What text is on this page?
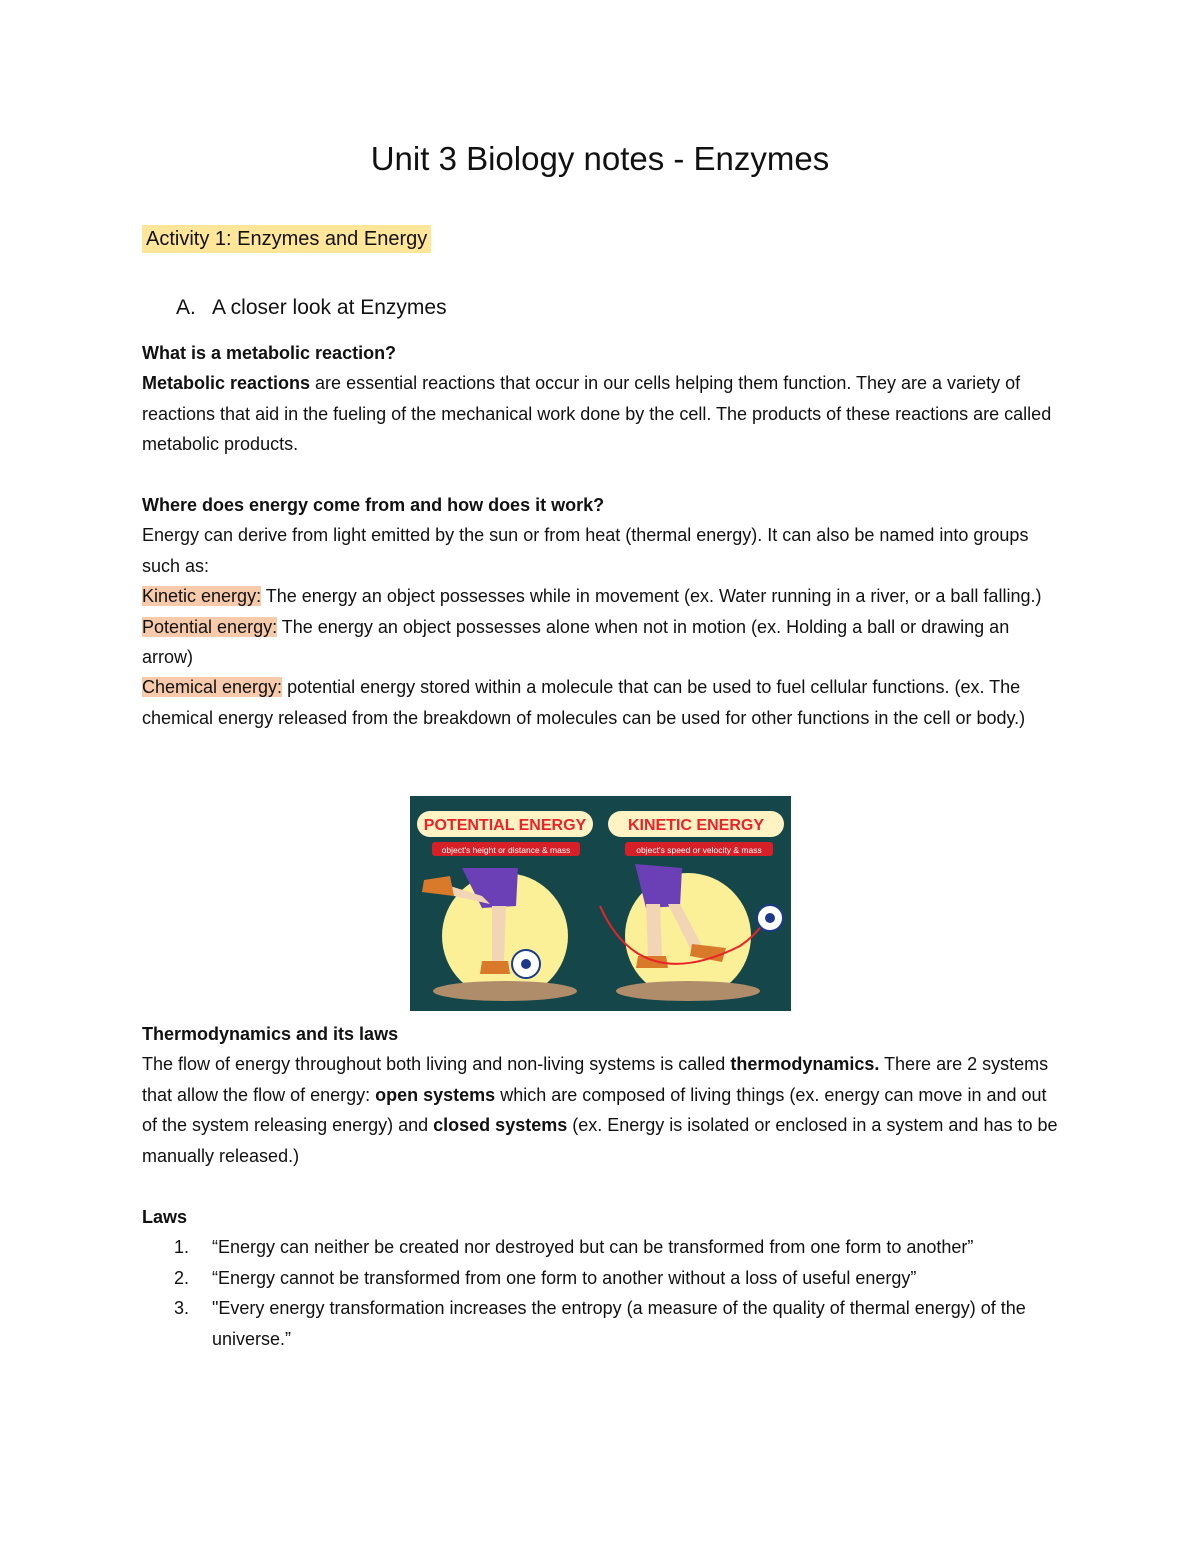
Unit 3 Biology notes - Enzymes
Activity 1: Enzymes and Energy
A. A closer look at Enzymes
What is a metabolic reaction?
Metabolic reactions are essential reactions that occur in our cells helping them function. They are a variety of reactions that aid in the fueling of the mechanical work done by the cell. The products of these reactions are called metabolic products.
Where does energy come from and how does it work?
Energy can derive from light emitted by the sun or from heat (thermal energy). It can also be named into groups such as:
Kinetic energy: The energy an object possesses while in movement (ex. Water running in a river, or a ball falling.)
Potential energy: The energy an object possesses alone when not in motion (ex. Holding a ball or drawing an arrow)
Chemical energy: potential energy stored within a molecule that can be used to fuel cellular functions. (ex. The chemical energy released from the breakdown of molecules can be used for other functions in the cell or body.)
POTENTIAL ENERGY
object's height or distance & mass
KINETIC ENERGY
object's speed or velocity & mass
Thermodynamics and its laws
The flow of energy throughout both living and non-living systems is called thermodynamics. There are 2 systems that allow the flow of energy: open systems which are composed of living things (ex. energy can move in and out of the system releasing energy) and closed systems (ex. Energy is isolated or enclosed in a system and has to be manually released.)
Laws
1. “Energy can neither be created nor destroyed but can be transformed from one form to another”
2. “Energy cannot be transformed from one form to another without a loss of useful energy”
3. "Every energy transformation increases the entropy (a measure of the quality of thermal energy) of the universe.”
